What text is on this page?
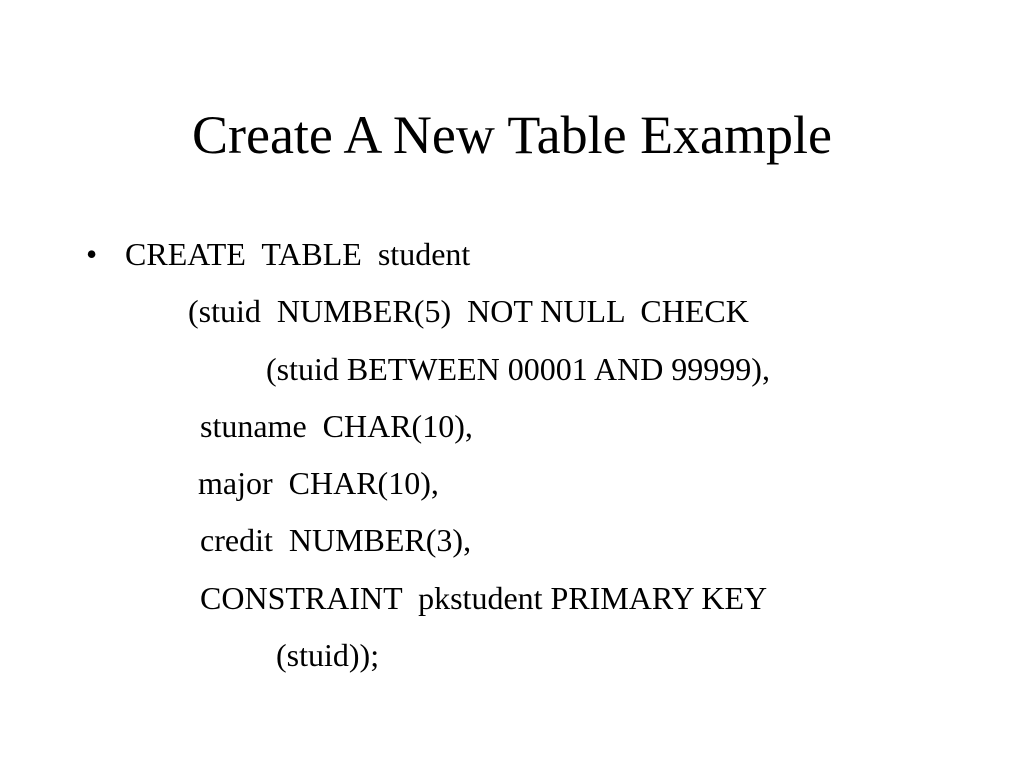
Create A New Table Example
• CREATE  TABLE  student
(stuid  NUMBER(5)  NOT NULL  CHECK
(stuid BETWEEN 00001 AND 99999),
stuname  CHAR(10),
major  CHAR(10),
credit  NUMBER(3),
CONSTRAINT  pkstudent PRIMARY KEY
(stuid));
